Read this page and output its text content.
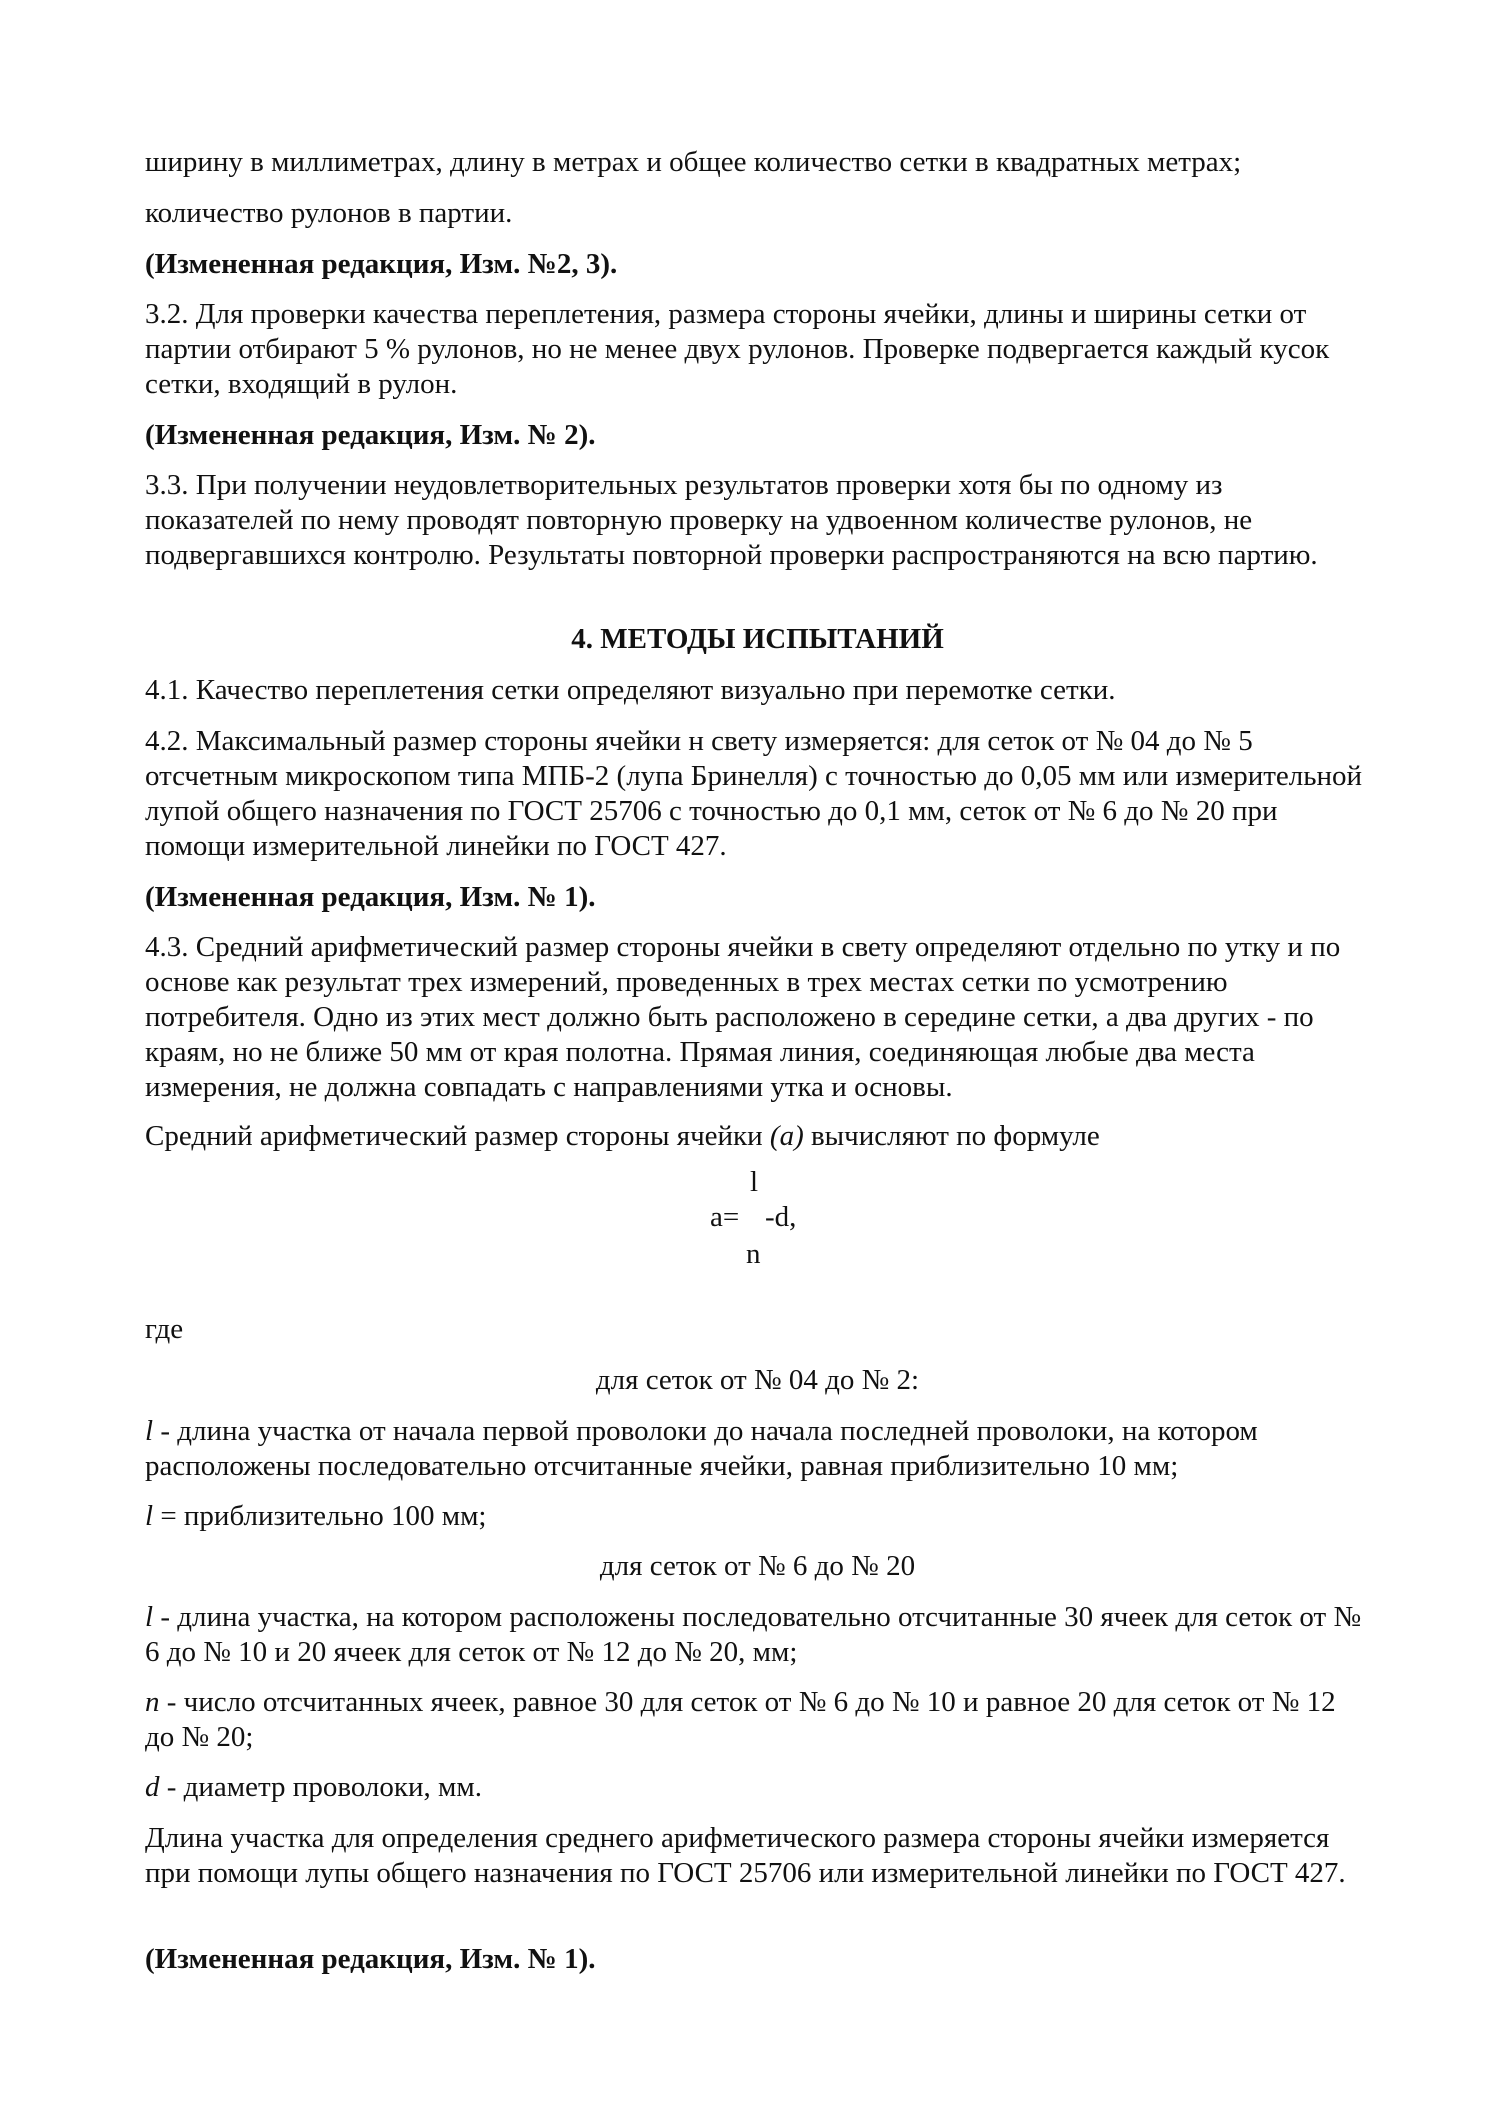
ширину в миллиметрах, длину в метрах и общее количество сетки в квадратных метрах;

количество рулонов в партии.

(Измененная редакция, Изм. №2, 3).

3.2. Для проверки качества переплетения, размера стороны ячейки, длины и ширины сетки от партии отбирают 5 % рулонов, но не менее двух рулонов. Проверке подвергается каждый кусок сетки, входящий в рулон.

(Измененная редакция, Изм. № 2).

3.3. При получении неудовлетворительных результатов проверки хотя бы по одному из показателей по нему проводят повторную проверку на удвоенном количестве рулонов, не подвергавшихся контролю. Результаты повторной проверки распространяются на всю партию.

4. МЕТОДЫ ИСПЫТАНИЙ

4.1. Качество переплетения сетки определяют визуально при перемотке сетки.

4.2. Максимальный размер стороны ячейки н свету измеряется: для сеток от № 04 до № 5 отсчетным микроскопом типа МПБ-2 (лупа Бринелля) с точностью до 0,05 мм или измерительной лупой общего назначения по ГОСТ 25706 с точностью до 0,1 мм, сеток от № 6 до № 20 при помощи измерительной линейки по ГОСТ 427.

(Измененная редакция, Изм. № 1).

4.3. Средний арифметический размер стороны ячейки в свету определяют отдельно по утку и по основе как результат трех измерений, проведенных в трех местах сетки по усмотрению потребителя. Одно из этих мест должно быть расположено в середине сетки, а два других - по краям, но не ближе 50 мм от края полотна. Прямая линия, соединяющая любые два места измерения, не должна совпадать с направлениями утка и основы.

Средний арифметический размер стороны ячейки (a) вычисляют по формуле

l
a= -d,
n

где

для сеток от № 04 до № 2:

l - длина участка от начала первой проволоки до начала последней проволоки, на котором расположены последовательно отсчитанные ячейки, равная приблизительно 10 мм;

l = приблизительно 100 мм;

для сеток от № 6 до № 20

l - длина участка, на котором расположены последовательно отсчитанные 30 ячеек для сеток от № 6 до № 10 и 20 ячеек для сеток от № 12 до № 20, мм;

n - число отсчитанных ячеек, равное 30 для сеток от № 6 до № 10 и равное 20 для сеток от № 12 до № 20;

d - диаметр проволоки, мм.

Длина участка для определения среднего арифметического размера стороны ячейки измеряется при помощи лупы общего назначения по ГОСТ 25706 или измерительной линейки по ГОСТ 427.

(Измененная редакция, Изм. № 1).
